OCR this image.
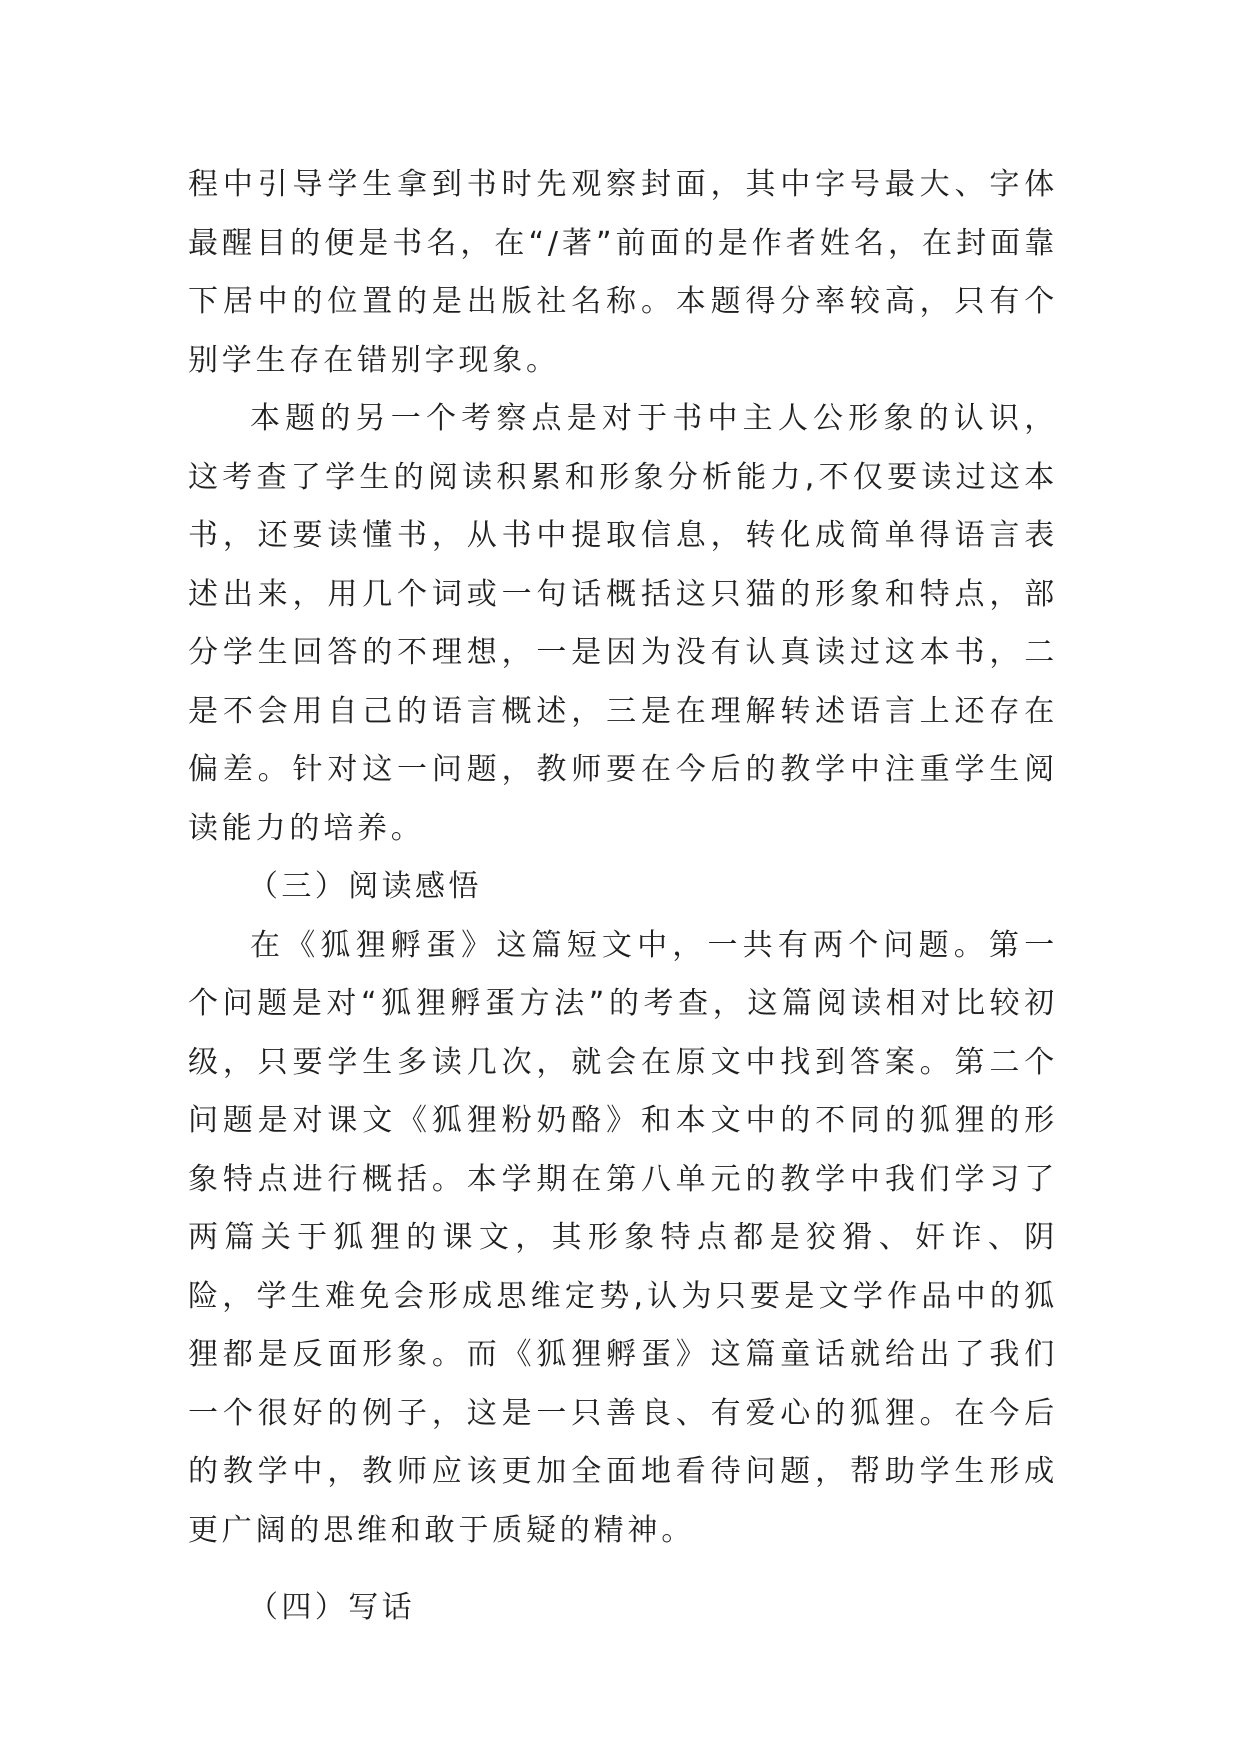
程中引导学生拿到书时先观察封面，其中字号最大、字体最醒目的便是书名，在“/著”前面的是作者姓名，在封面靠下居中的位置的是出版社名称。本题得分率较高，只有个别学生存在错别字现象。

本题的另一个考察点是对于书中主人公形象的认识，这考查了学生的阅读积累和形象分析能力,不仅要读过这本书，还要读懂书，从书中提取信息，转化成简单得语言表述出来，用几个词或一句话概括这只猫的形象和特点，部分学生回答的不理想，一是因为没有认真读过这本书，二是不会用自己的语言概述，三是在理解转述语言上还存在偏差。针对这一问题，教师要在今后的教学中注重学生阅读能力的培养。

（三）阅读感悟

在《狐狸孵蛋》这篇短文中，一共有两个问题。第一个问题是对“狐狸孵蛋方法”的考查，这篇阅读相对比较初级，只要学生多读几次，就会在原文中找到答案。第二个问题是对课文《狐狸粉奶酪》和本文中的不同的狐狸的形象特点进行概括。本学期在第八单元的教学中我们学习了两篇关于狐狸的课文，其形象特点都是狡猾、奸诈、阴险，学生难免会形成思维定势,认为只要是文学作品中的狐狸都是反面形象。而《狐狸孵蛋》这篇童话就给出了我们一个很好的例子，这是一只善良、有爱心的狐狸。在今后的教学中，教师应该更加全面地看待问题，帮助学生形成更广阔的思维和敢于质疑的精神。

（四）写话
